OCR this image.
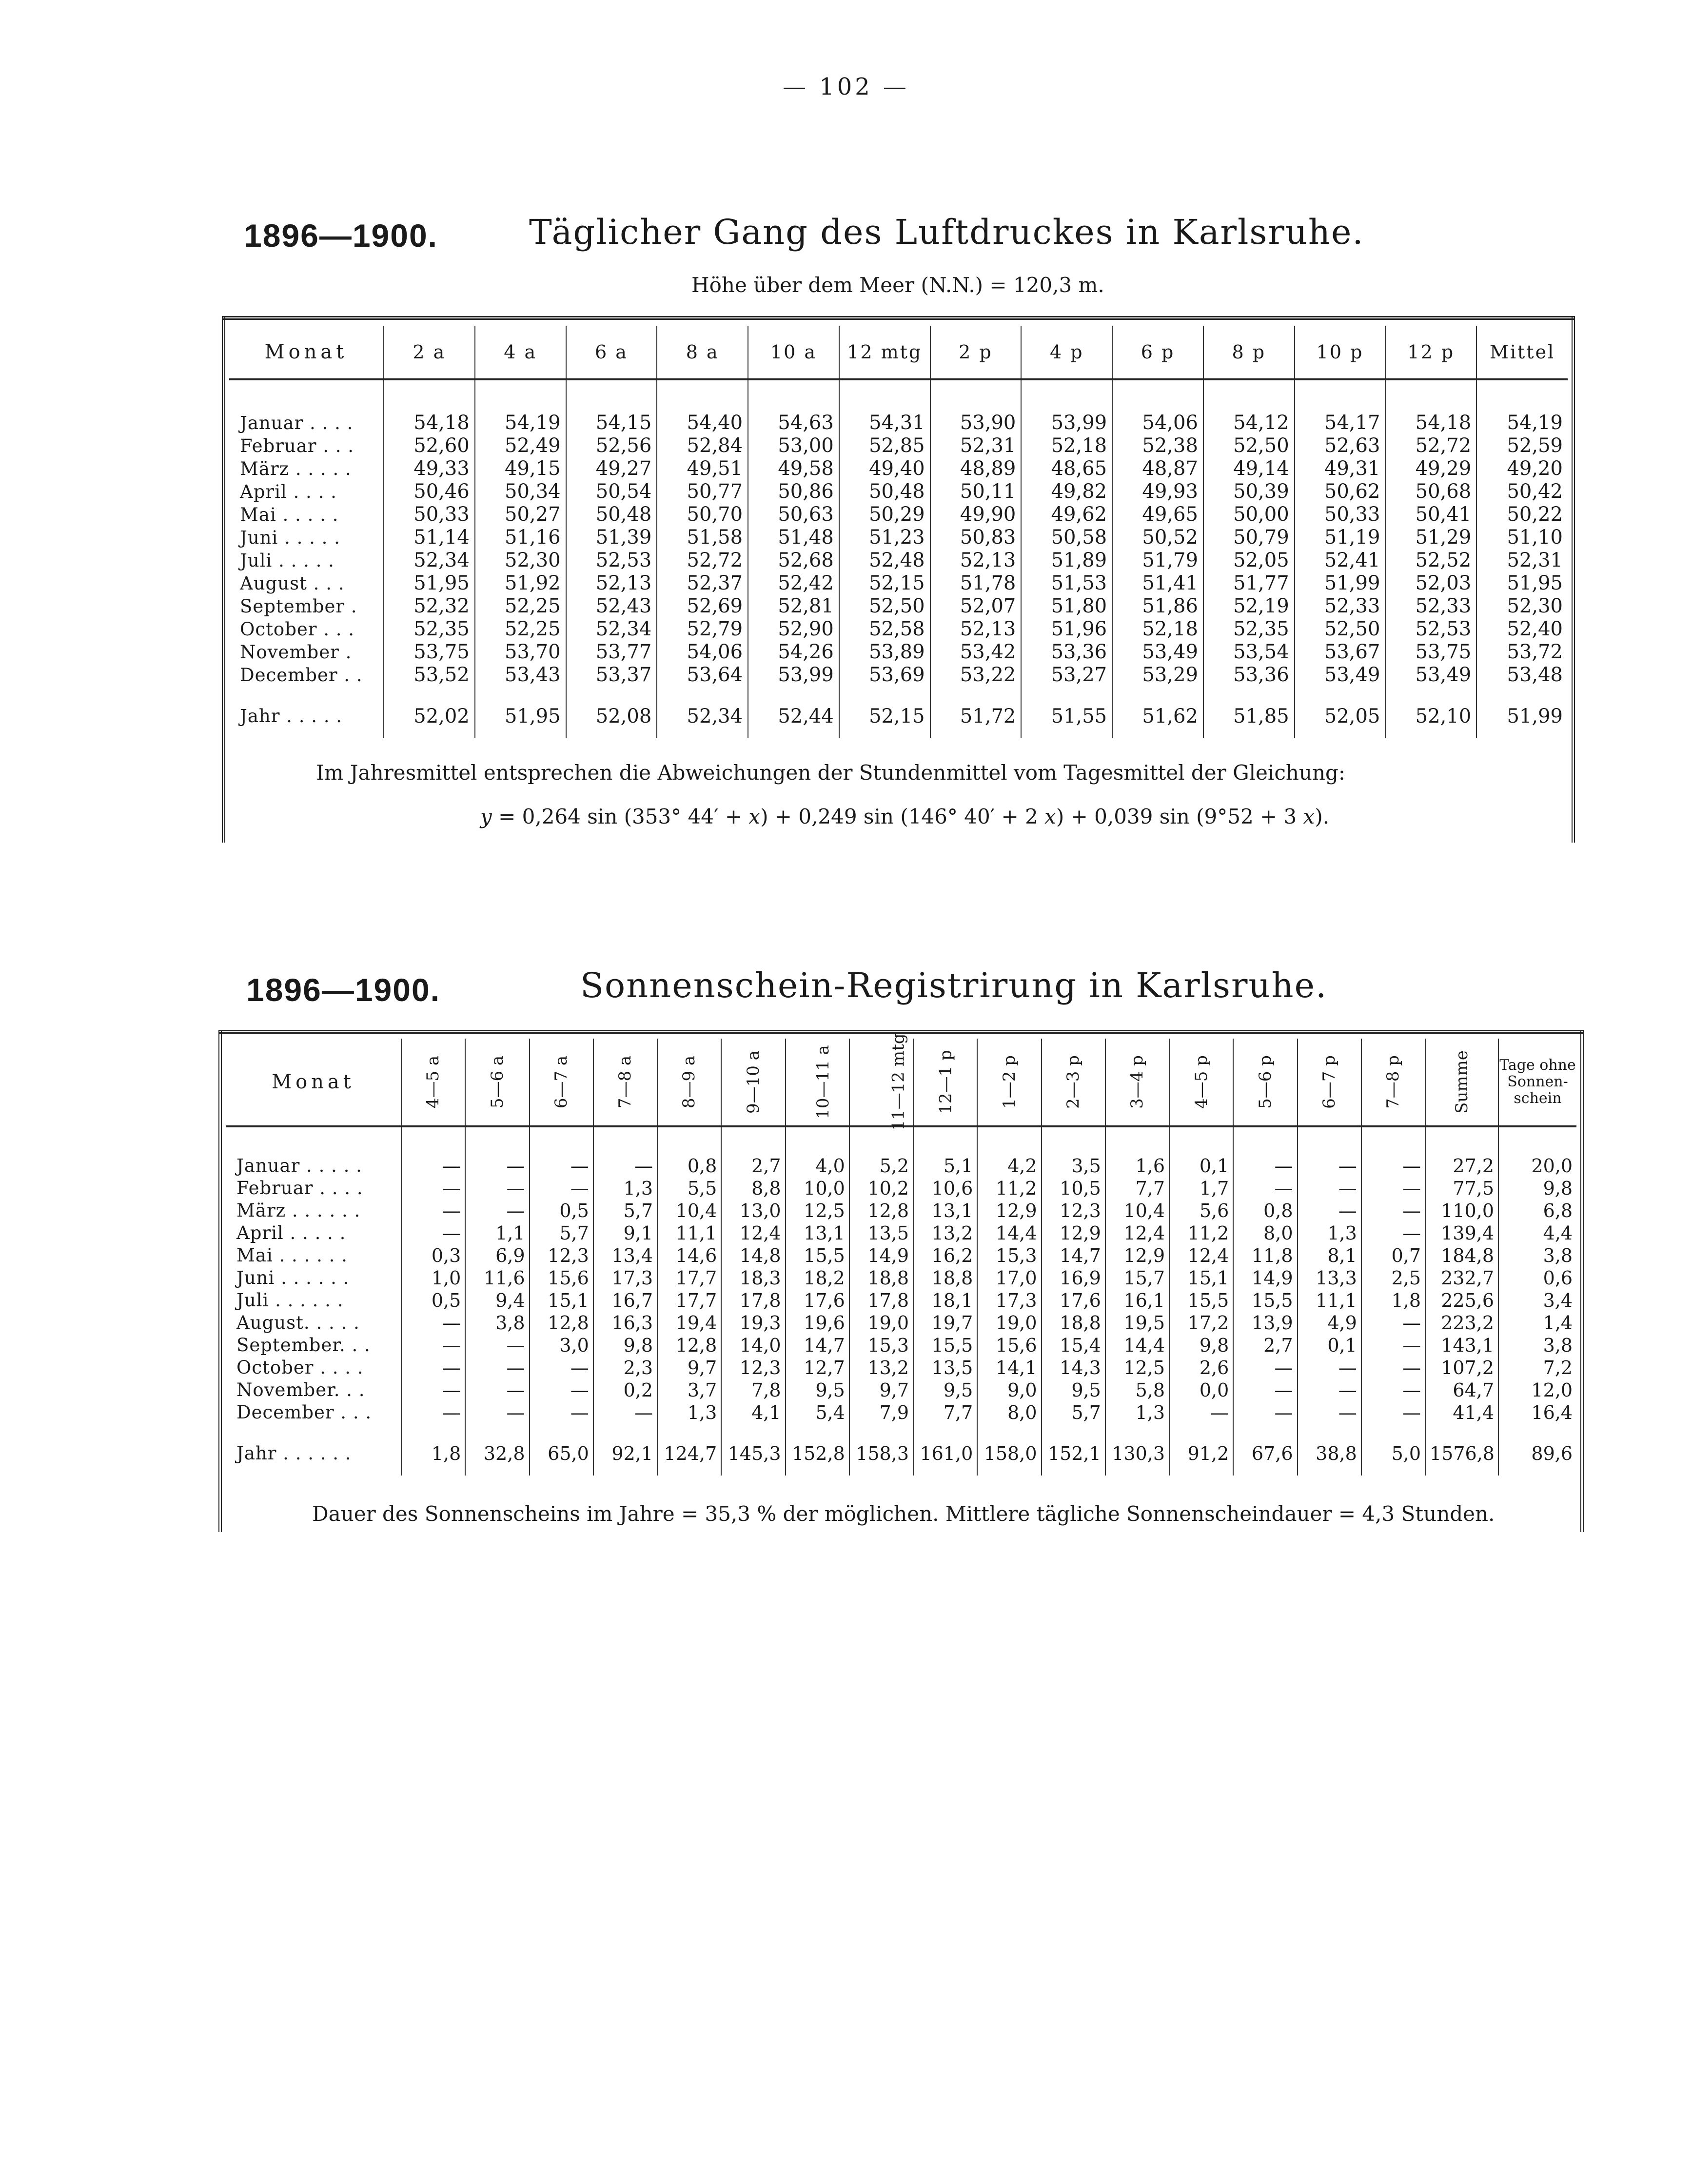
— 102 —
1896—1900.	Täglicher Gang des Luftdruckes in Karlsruhe.
Höhe über dem Meer (N.N.) = 120,3 m.
Monat	2 a	4 a	6 a	8 a	10 a	12 mtg	2 p	4 p	6 p	8 p	10 p	12 p	Mittel

Januar . . . .	54,18	54,19	54,15	54,40	54,63	54,31	53,90	53,99	54,06	54,12	54,17	54,18	54,19
Februar . . .	52,60	52,49	52,56	52,84	53,00	52,85	52,31	52,18	52,38	52,50	52,63	52,72	52,59
März . . . . .	49,33	49,15	49,27	49,51	49,58	49,40	48,89	48,65	48,87	49,14	49,31	49,29	49,20
April . . . .	50,46	50,34	50,54	50,77	50,86	50,48	50,11	49,82	49,93	50,39	50,62	50,68	50,42
Mai . . . . .	50,33	50,27	50,48	50,70	50,63	50,29	49,90	49,62	49,65	50,00	50,33	50,41	50,22
Juni . . . . .	51,14	51,16	51,39	51,58	51,48	51,23	50,83	50,58	50,52	50,79	51,19	51,29	51,10
Juli . . . . .	52,34	52,30	52,53	52,72	52,68	52,48	52,13	51,89	51,79	52,05	52,41	52,52	52,31
August . . .	51,95	51,92	52,13	52,37	52,42	52,15	51,78	51,53	51,41	51,77	51,99	52,03	51,95
September .	52,32	52,25	52,43	52,69	52,81	52,50	52,07	51,80	51,86	52,19	52,33	52,33	52,30
October . . .	52,35	52,25	52,34	52,79	52,90	52,58	52,13	51,96	52,18	52,35	52,50	52,53	52,40
November .	53,75	53,70	53,77	54,06	54,26	53,89	53,42	53,36	53,49	53,54	53,67	53,75	53,72
December . .	53,52	53,43	53,37	53,64	53,99	53,69	53,22	53,27	53,29	53,36	53,49	53,49	53,48

Jahr . . . . .	52,02	51,95	52,08	52,34	52,44	52,15	51,72	51,55	51,62	51,85	52,05	52,10	51,99

Im Jahresmittel entsprechen die Abweichungen der Stundenmittel vom Tagesmittel der Gleichung:
y = 0,264 sin (353° 44′ + x) + 0,249 sin (146° 40′ + 2 x) + 0,039 sin (9°52 + 3 x).
1896—1900.	Sonnenschein-Registrirung in Karlsruhe.
Monat	4—5 a	5—6 a	6—7 a	7—8 a	8—9 a	9—10 a	10—11 a	11—12 mtg	12—1 p	1—2 p	2—3 p	3—4 p	4—5 p	5—6 p	6—7 p	7—8 p	Summe	Tage ohne Sonnen-schein

Januar . . . . .	—	—	—	—	0,8	2,7	4,0	5,2	5,1	4,2	3,5	1,6	0,1	—	—	—	27,2	20,0
Februar . . . .	—	—	—	1,3	5,5	8,8	10,0	10,2	10,6	11,2	10,5	7,7	1,7	—	—	—	77,5	9,8
März . . . . . .	—	—	0,5	5,7	10,4	13,0	12,5	12,8	13,1	12,9	12,3	10,4	5,6	0,8	—	—	110,0	6,8
April . . . . .	—	1,1	5,7	9,1	11,1	12,4	13,1	13,5	13,2	14,4	12,9	12,4	11,2	8,0	1,3	—	139,4	4,4
Mai . . . . . .	0,3	6,9	12,3	13,4	14,6	14,8	15,5	14,9	16,2	15,3	14,7	12,9	12,4	11,8	8,1	0,7	184,8	3,8
Juni . . . . . .	1,0	11,6	15,6	17,3	17,7	18,3	18,2	18,8	18,8	17,0	16,9	15,7	15,1	14,9	13,3	2,5	232,7	0,6
Juli . . . . . .	0,5	9,4	15,1	16,7	17,7	17,8	17,6	17,8	18,1	17,3	17,6	16,1	15,5	15,5	11,1	1,8	225,6	3,4
August. . . . .	—	3,8	12,8	16,3	19,4	19,3	19,6	19,0	19,7	19,0	18,8	19,5	17,2	13,9	4,9	—	223,2	1,4
September. . .	—	—	3,0	9,8	12,8	14,0	14,7	15,3	15,5	15,6	15,4	14,4	9,8	2,7	0,1	—	143,1	3,8
October . . . .	—	—	—	2,3	9,7	12,3	12,7	13,2	13,5	14,1	14,3	12,5	2,6	—	—	—	107,2	7,2
November. . .	—	—	—	0,2	3,7	7,8	9,5	9,7	9,5	9,0	9,5	5,8	0,0	—	—	—	64,7	12,0
December . . .	—	—	—	—	1,3	4,1	5,4	7,9	7,7	8,0	5,7	1,3	—	—	—	—	41,4	16,4

Jahr . . . . . .	1,8	32,8	65,0	92,1	124,7	145,3	152,8	158,3	161,0	158,0	152,1	130,3	91,2	67,6	38,8	5,0	1576,8	89,6

Dauer des Sonnenscheins im Jahre = 35,3 % der möglichen. Mittlere tägliche Sonnenscheindauer = 4,3 Stunden.
